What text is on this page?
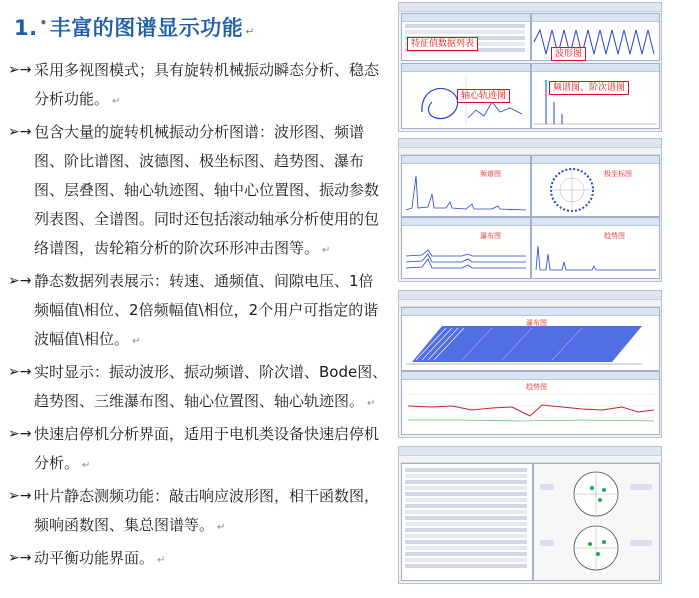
1. •丰富的图谱显示功能 ↵
➢→ 采用多视图模式；具有旋转机械振动瞬态分析、稳态分析功能。 ↵
➢→ 包含大量的旋转机械振动分析图谱：波形图、频谱图、阶比谱图、波德图、极坐标图、趋势图、瀑布图、层叠图、轴心轨迹图、轴中心位置图、振动参数列表图、全谱图。同时还包括滚动轴承分析使用的包络谱图，齿轮箱分析的阶次环形冲击图等。 ↵
➢→ 静态数据列表展示：转速、通频值、间隙电压、1倍频幅值\相位、2倍频幅值\相位，2个用户可指定的谐波幅值\相位。 ↵
➢→ 实时显示：振动波形、振动频谱、阶次谱、Bode图、趋势图、三维瀑布图、轴心位置图、轴心轨迹图。 ↵
➢→ 快速启停机分析界面，适用于电机类设备快速启停机分析。 ↵
➢→ 叶片静态测频功能：敲击响应波形图，相干函数图，频响函数图、集总图谱等。 ↵
➢→ 动平衡功能界面。 ↵
特征值数据列表
波形图
轴心轨迹图
频谱图、阶次谱图
频谱图	极坐标图
瀑布图	趋势图
瀑布图
趋势图
